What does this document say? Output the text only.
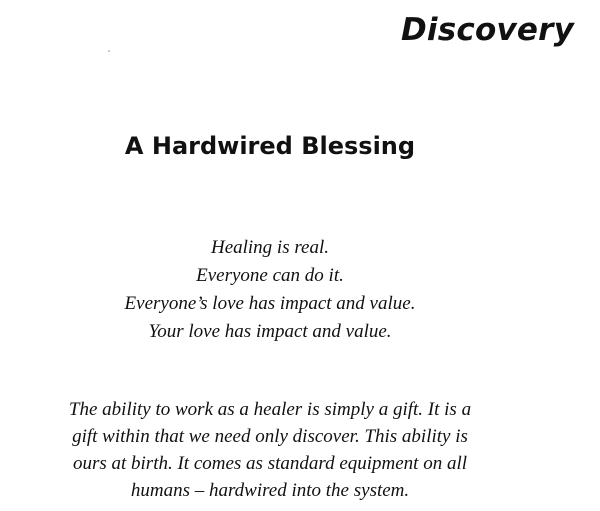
Discovery
A Hardwired Blessing

Healing is real.
Everyone can do it.
Everyone’s love has impact and value.
Your love has impact and value.

The ability to work as a healer is simply a gift. It is a
gift within that we need only discover. This ability is
ours at birth. It comes as standard equipment on all
humans – hardwired into the system.
